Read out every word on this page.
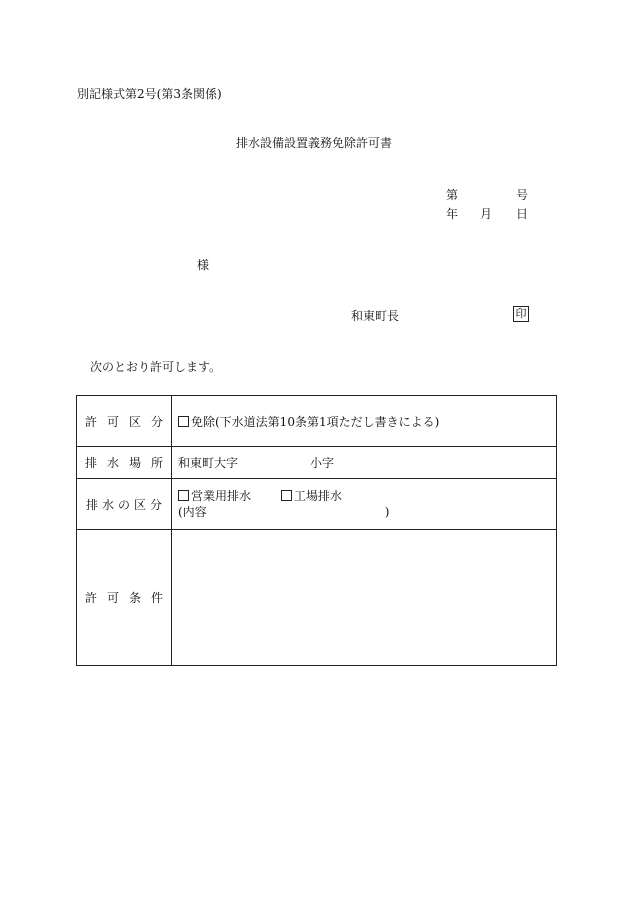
別記様式第2号(第3条関係)
排水設備設置義務免除許可書
第	号
年 月 日
様
和東町長	印
次のとおり許可します。
許 可 区 分	免除(下水道法第10条第1項ただし書きによる)
排 水 場 所	和東町大字 小字
排 水 の 区 分	営業用排水 工場排水
(内容 )

許 可 条 件	
